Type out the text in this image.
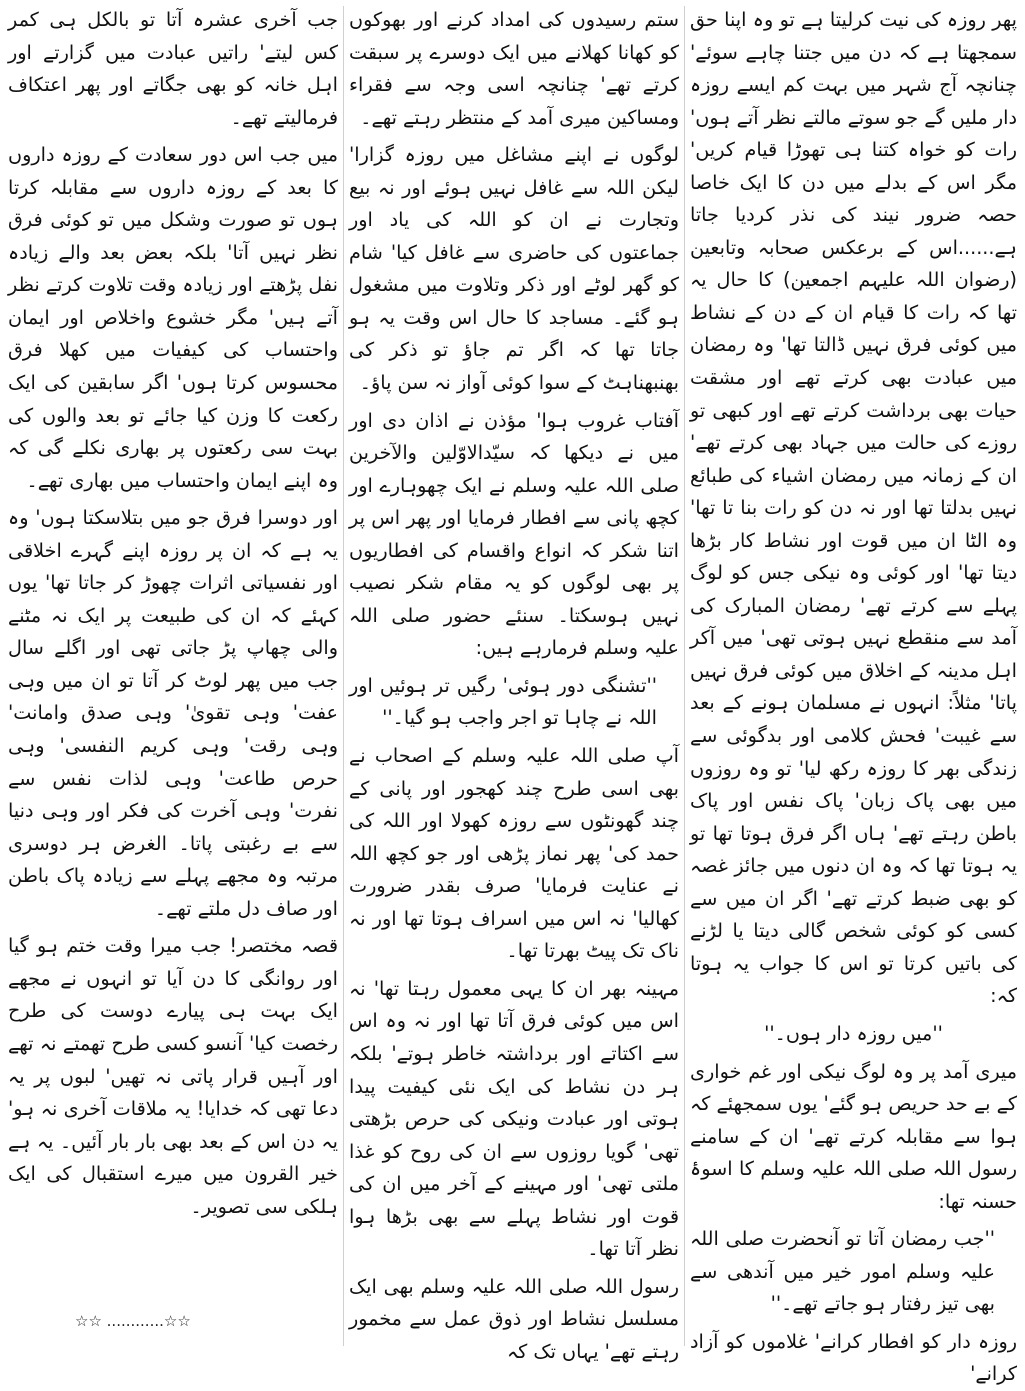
پھر روزہ کی نیت کرلیتا ہے تو وہ اپنا حق سمجھتا ہے کہ دن میں جتنا چاہے سوئے' چنانچہ آج شہر میں بہت کم ایسے روزہ دار ملیں گے جو سوتے مالتے نظر آتے ہوں' رات کو خواہ کتنا ہی تھوڑا قیام کریں' مگر اس کے بدلے میں دن کا ایک خاصا حصہ ضرور نیند کی نذر کردیا جاتا ہے......اس کے برعکس صحابہ وتابعین (رضوان اللہ علیہم اجمعین) کا حال یہ تھا کہ رات کا قیام ان کے دن کے نشاط میں کوئی فرق نہیں ڈالتا تھا' وہ رمضان میں عبادت بھی کرتے تھے اور مشقت حیات بھی برداشت کرتے تھے اور کبھی تو روزے کی حالت میں جہاد بھی کرتے تھے' ان کے زمانہ میں رمضان اشیاء کی طبائع نہیں بدلتا تھا اور نہ دن کو رات بنا تا تھا' وہ الٹا ان میں قوت اور نشاط کار بڑھا دیتا تھا' اور کوئی وہ نیکی جس کو لوگ پہلے سے کرتے تھے' رمضان المبارک کی آمد سے منقطع نہیں ہوتی تھی' میں آکر اہل مدینہ کے اخلاق میں کوئی فرق نہیں پاتا' مثلاً: انہوں نے مسلمان ہونے کے بعد سے غیبت' فحش کلامی اور بدگوئی سے زندگی بھر کا روزہ رکھ لیا' تو وہ روزوں میں بھی پاک زبان' پاک نفس اور پاک باطن رہتے تھے' ہاں اگر فرق ہوتا تھا تو یہ ہوتا تھا کہ وہ ان دنوں میں جائز غصہ کو بھی ضبط کرتے تھے' اگر ان میں سے کسی کو کوئی شخص گالی دیتا یا لڑنے کی باتیں کرتا تو اس کا جواب یہ ہوتا کہ:

''میں روزہ دار ہوں۔''

میری آمد پر وہ لوگ نیکی اور غم خواری کے بے حد حریص ہو گئے' یوں سمجھئے کہ ہوا سے مقابلہ کرتے تھے' ان کے سامنے رسول اللہ صلی اللہ علیہ وسلم کا اسوۂ حسنہ تھا:

''جب رمضان آتا تو آنحضرت صلی اللہ علیہ وسلم امور خیر میں آندھی سے بھی تیز رفتار ہو جاتے تھے۔''

روزہ دار کو افطار کرانے' غلاموں کو آزاد کرانے'

ستم رسیدوں کی امداد کرنے اور بھوکوں کو کھانا کھلانے میں ایک دوسرے پر سبقت کرتے تھے' چنانچہ اسی وجہ سے فقراء ومساکین میری آمد کے منتظر رہتے تھے۔

لوگوں نے اپنے مشاغل میں روزہ گزارا' لیکن اللہ سے غافل نہیں ہوئے اور نہ بیع وتجارت نے ان کو اللہ کی یاد اور جماعتوں کی حاضری سے غافل کیا' شام کو گھر لوٹے اور ذکر وتلاوت میں مشغول ہو گئے۔ مساجد کا حال اس وقت یہ ہو جاتا تھا کہ اگر تم جاؤ تو ذکر کی بھنبھناہٹ کے سوا کوئی آواز نہ سن پاؤ۔

آفتاب غروب ہوا' مؤذن نے اذان دی اور میں نے دیکھا کہ سیّدالاوّلین والآخرین صلی اللہ علیہ وسلم نے ایک چھوہارے اور کچھ پانی سے افطار فرمایا اور پھر اس پر اتنا شکر کہ انواع واقسام کی افطاریوں پر بھی لوگوں کو یہ مقام شکر نصیب نہیں ہوسکتا۔ سنئے حضور صلی اللہ علیہ وسلم فرمارہے ہیں:

''تشنگی دور ہوئی' رگیں تر ہوئیں اور اللہ نے چاہا تو اجر واجب ہو گیا۔''

آپ صلی اللہ علیہ وسلم کے اصحاب نے بھی اسی طرح چند کھجور اور پانی کے چند گھونٹوں سے روزہ کھولا اور اللہ کی حمد کی' پھر نماز پڑھی اور جو کچھ اللہ نے عنایت فرمایا' صرف بقدر ضرورت کھالیا' نہ اس میں اسراف ہوتا تھا اور نہ ناک تک پیٹ بھرتا تھا۔

مہینہ بھر ان کا یہی معمول رہتا تھا' نہ اس میں کوئی فرق آتا تھا اور نہ وہ اس سے اکتاتے اور برداشتہ خاطر ہوتے' بلکہ ہر دن نشاط کی ایک نئی کیفیت پیدا ہوتی اور عبادت ونیکی کی حرص بڑھتی تھی' گویا روزوں سے ان کی روح کو غذا ملتی تھی' اور مہینے کے آخر میں ان کی قوت اور نشاط پہلے سے بھی بڑھا ہوا نظر آتا تھا۔

رسول اللہ صلی اللہ علیہ وسلم بھی ایک مسلسل نشاط اور ذوق عمل سے مخمور رہتے تھے' یہاں تک کہ

جب آخری عشرہ آتا تو بالکل ہی کمر کس لیتے' راتیں عبادت میں گزارتے اور اہل خانہ کو بھی جگاتے اور پھر اعتکاف فرمالیتے تھے۔

میں جب اس دور سعادت کے روزہ داروں کا بعد کے روزہ داروں سے مقابلہ کرتا ہوں تو صورت وشکل میں تو کوئی فرق نظر نہیں آتا' بلکہ بعض بعد والے زیادہ نفل پڑھتے اور زیادہ وقت تلاوت کرتے نظر آتے ہیں' مگر خشوع واخلاص اور ایمان واحتساب کی کیفیات میں کھلا فرق محسوس کرتا ہوں' اگر سابقین کی ایک رکعت کا وزن کیا جائے تو بعد والوں کی بہت سی رکعتوں پر بھاری نکلے گی کہ وہ اپنے ایمان واحتساب میں بھاری تھے۔

اور دوسرا فرق جو میں بتلاسکتا ہوں' وہ یہ ہے کہ ان پر روزہ اپنے گہرے اخلاقی اور نفسیاتی اثرات چھوڑ کر جاتا تھا' یوں کہئے کہ ان کی طبیعت پر ایک نہ مٹنے والی چھاپ پڑ جاتی تھی اور اگلے سال جب میں پھر لوٹ کر آتا تو ان میں وہی عفت' وہی تقویٰ' وہی صدق وامانت' وہی رقت' وہی کریم النفسی' وہی حرص طاعت' وہی لذات نفس سے نفرت' وہی آخرت کی فکر اور وہی دنیا سے بے رغبتی پاتا۔ الغرض ہر دوسری مرتبہ وہ مجھے پہلے سے زیادہ پاک باطن اور صاف دل ملتے تھے۔

قصہ مختصر! جب میرا وقت ختم ہو گیا اور روانگی کا دن آیا تو انہوں نے مجھے ایک بہت ہی پیارے دوست کی طرح رخصت کیا' آنسو کسی طرح تھمتے نہ تھے اور آہیں قرار پاتی نہ تھیں' لبوں پر یہ دعا تھی کہ خدایا! یہ ملاقات آخری نہ ہو' یہ دن اس کے بعد بھی بار بار آئیں۔ یہ ہے خیر القرون میں میرے استقبال کی ایک ہلکی سی تصویر۔

☆☆ ............☆☆
